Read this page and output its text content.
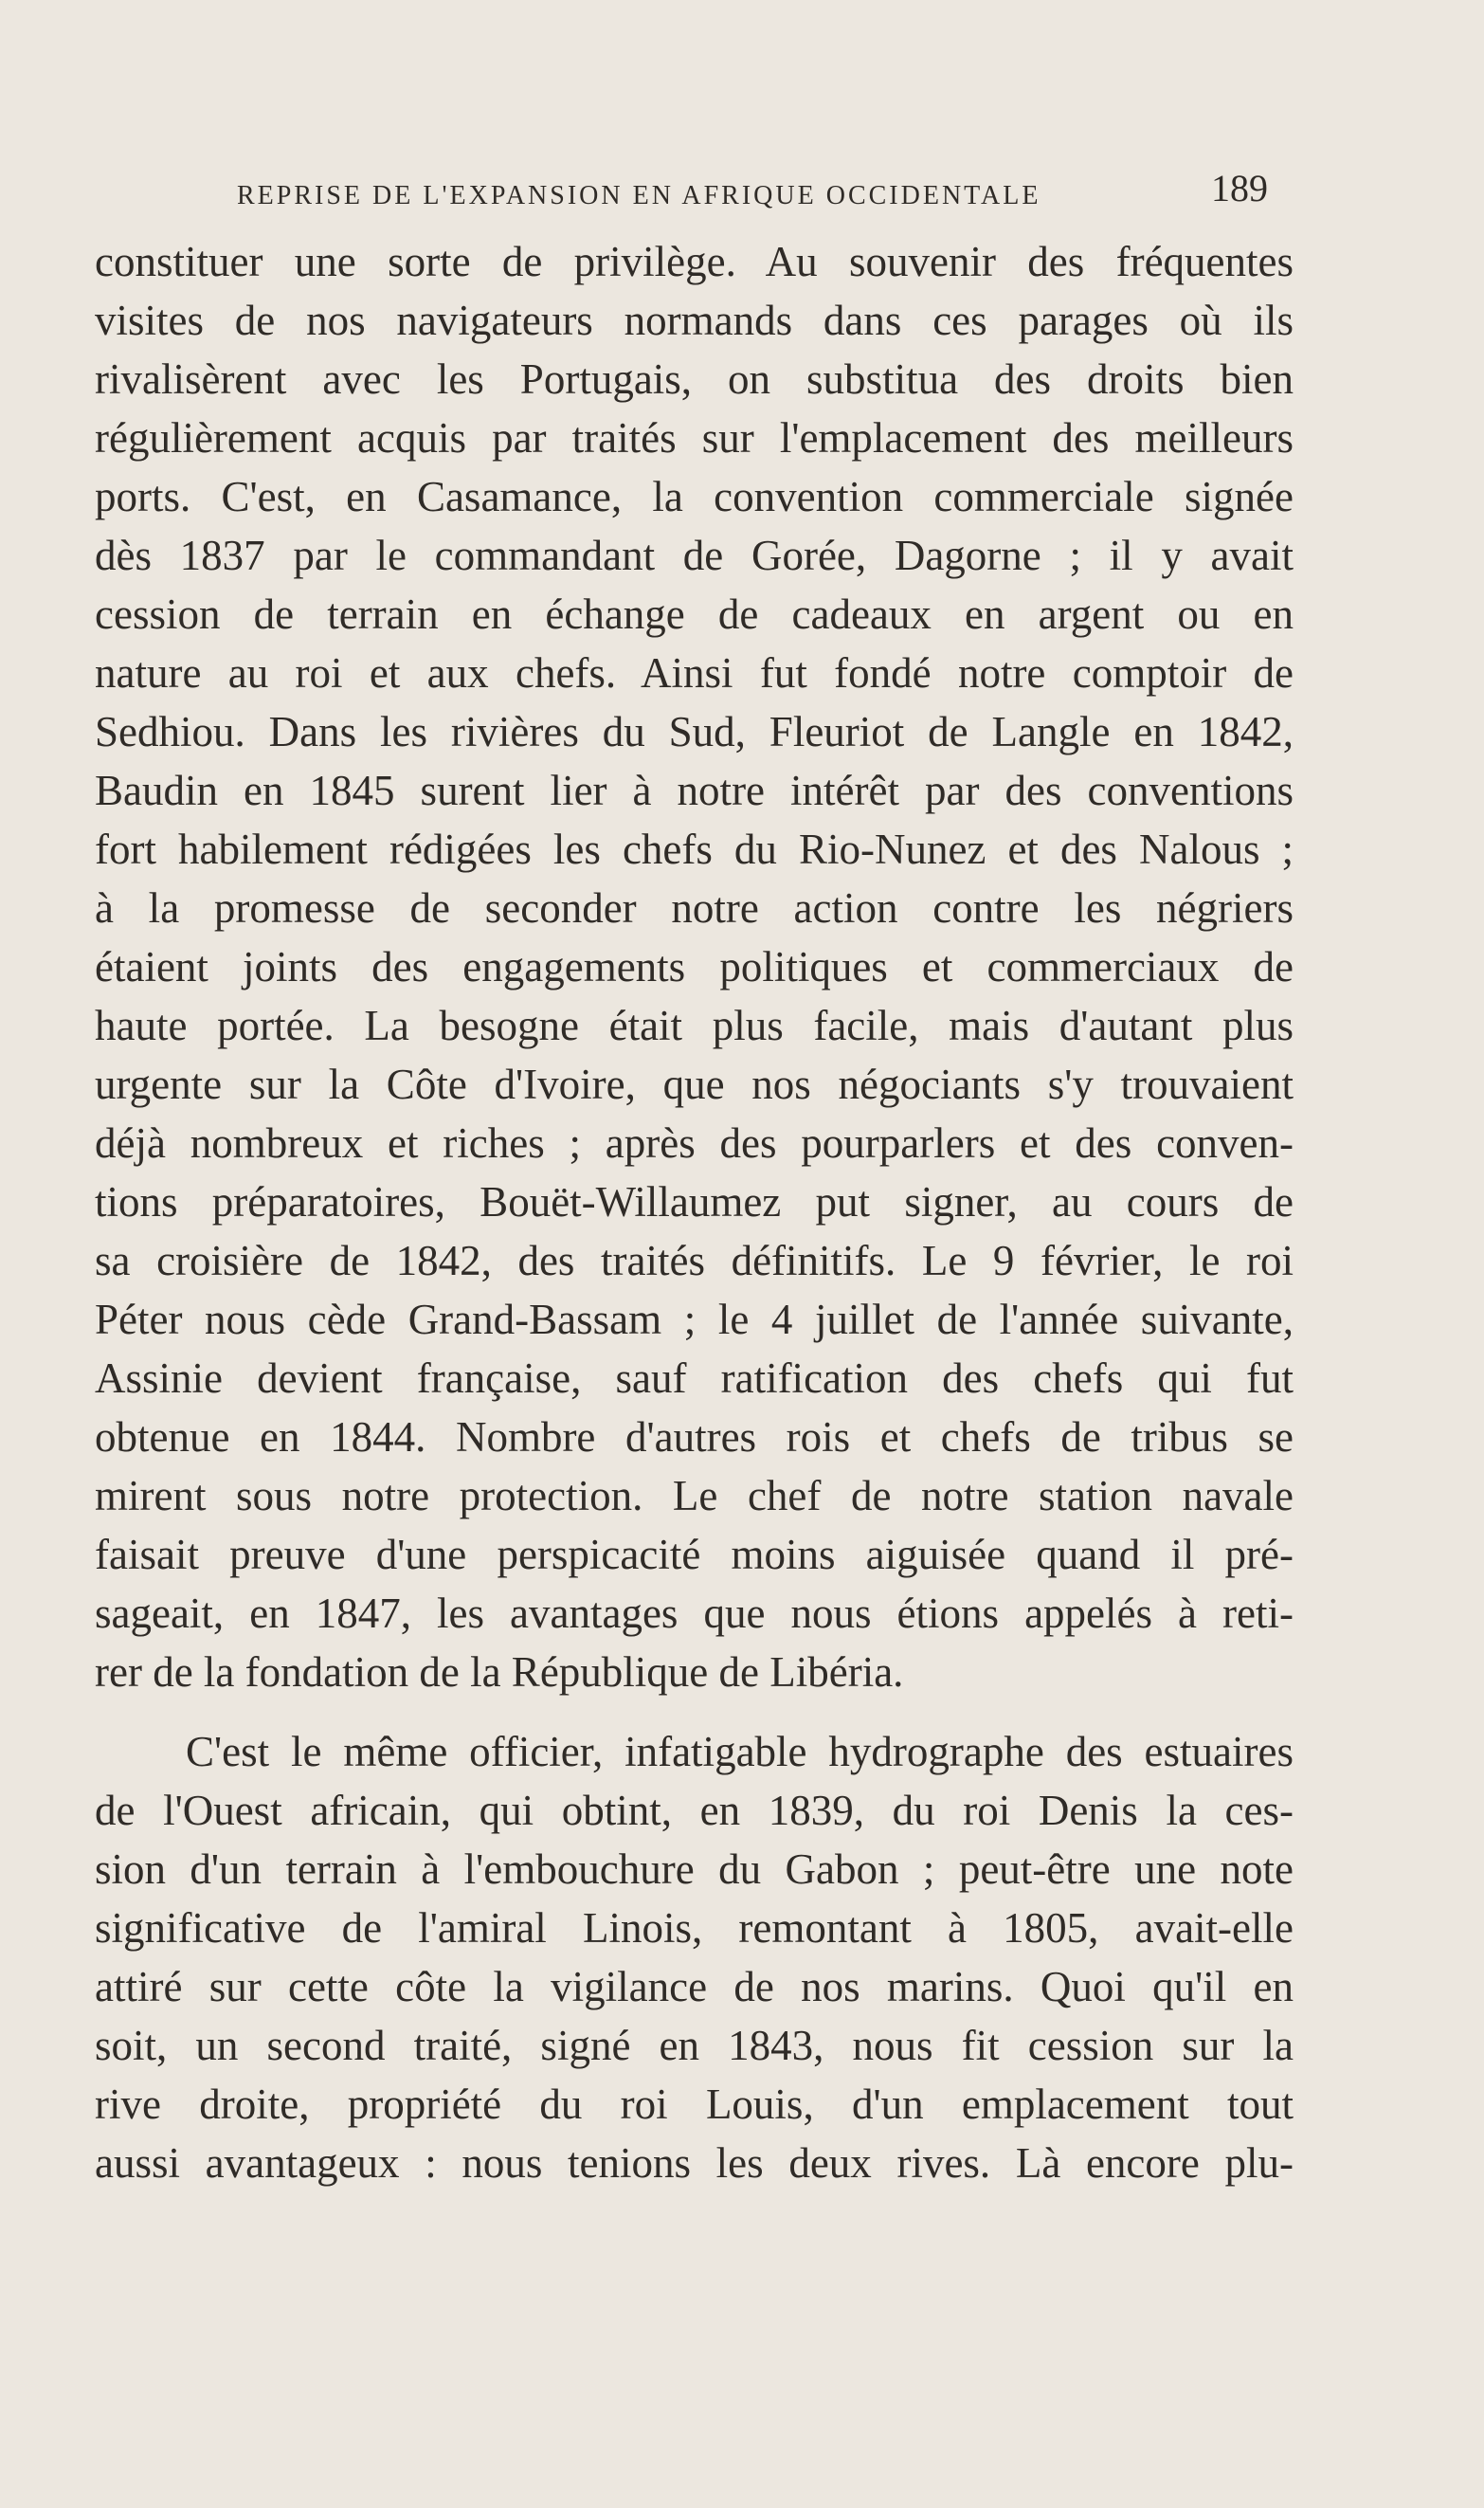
REPRISE DE L'EXPANSION EN AFRIQUE OCCIDENTALE	189
constituer une sorte de privilège. Au souvenir des fréquentes
visites de nos navigateurs normands dans ces parages où ils
rivalisèrent avec les Portugais, on substitua des droits bien
régulièrement acquis par traités sur l'emplacement des meilleurs
ports. C'est, en Casamance, la convention commerciale signée
dès 1837 par le commandant de Gorée, Dagorne ; il y avait
cession de terrain en échange de cadeaux en argent ou en
nature au roi et aux chefs. Ainsi fut fondé notre comptoir de
Sedhiou. Dans les rivières du Sud, Fleuriot de Langle en 1842,
Baudin en 1845 surent lier à notre intérêt par des conventions
fort habilement rédigées les chefs du Rio-Nunez et des Nalous ;
à la promesse de seconder notre action contre les négriers
étaient joints des engagements politiques et commerciaux de
haute portée. La besogne était plus facile, mais d'autant plus
urgente sur la Côte d'Ivoire, que nos négociants s'y trouvaient
déjà nombreux et riches ; après des pourparlers et des conven-
tions préparatoires, Bouët-Willaumez put signer, au cours de
sa croisière de 1842, des traités définitifs. Le 9 février, le roi
Péter nous cède Grand-Bassam ; le 4 juillet de l'année suivante,
Assinie devient française, sauf ratification des chefs qui fut
obtenue en 1844. Nombre d'autres rois et chefs de tribus se
mirent sous notre protection. Le chef de notre station navale
faisait preuve d'une perspicacité moins aiguisée quand il pré-
sageait, en 1847, les avantages que nous étions appelés à reti-
rer de la fondation de la République de Libéria.
C'est le même officier, infatigable hydrographe des estuaires
de l'Ouest africain, qui obtint, en 1839, du roi Denis la ces-
sion d'un terrain à l'embouchure du Gabon ; peut-être une note
significative de l'amiral Linois, remontant à 1805, avait-elle
attiré sur cette côte la vigilance de nos marins. Quoi qu'il en
soit, un second traité, signé en 1843, nous fit cession sur la
rive droite, propriété du roi Louis, d'un emplacement tout
aussi avantageux : nous tenions les deux rives. Là encore plu-
